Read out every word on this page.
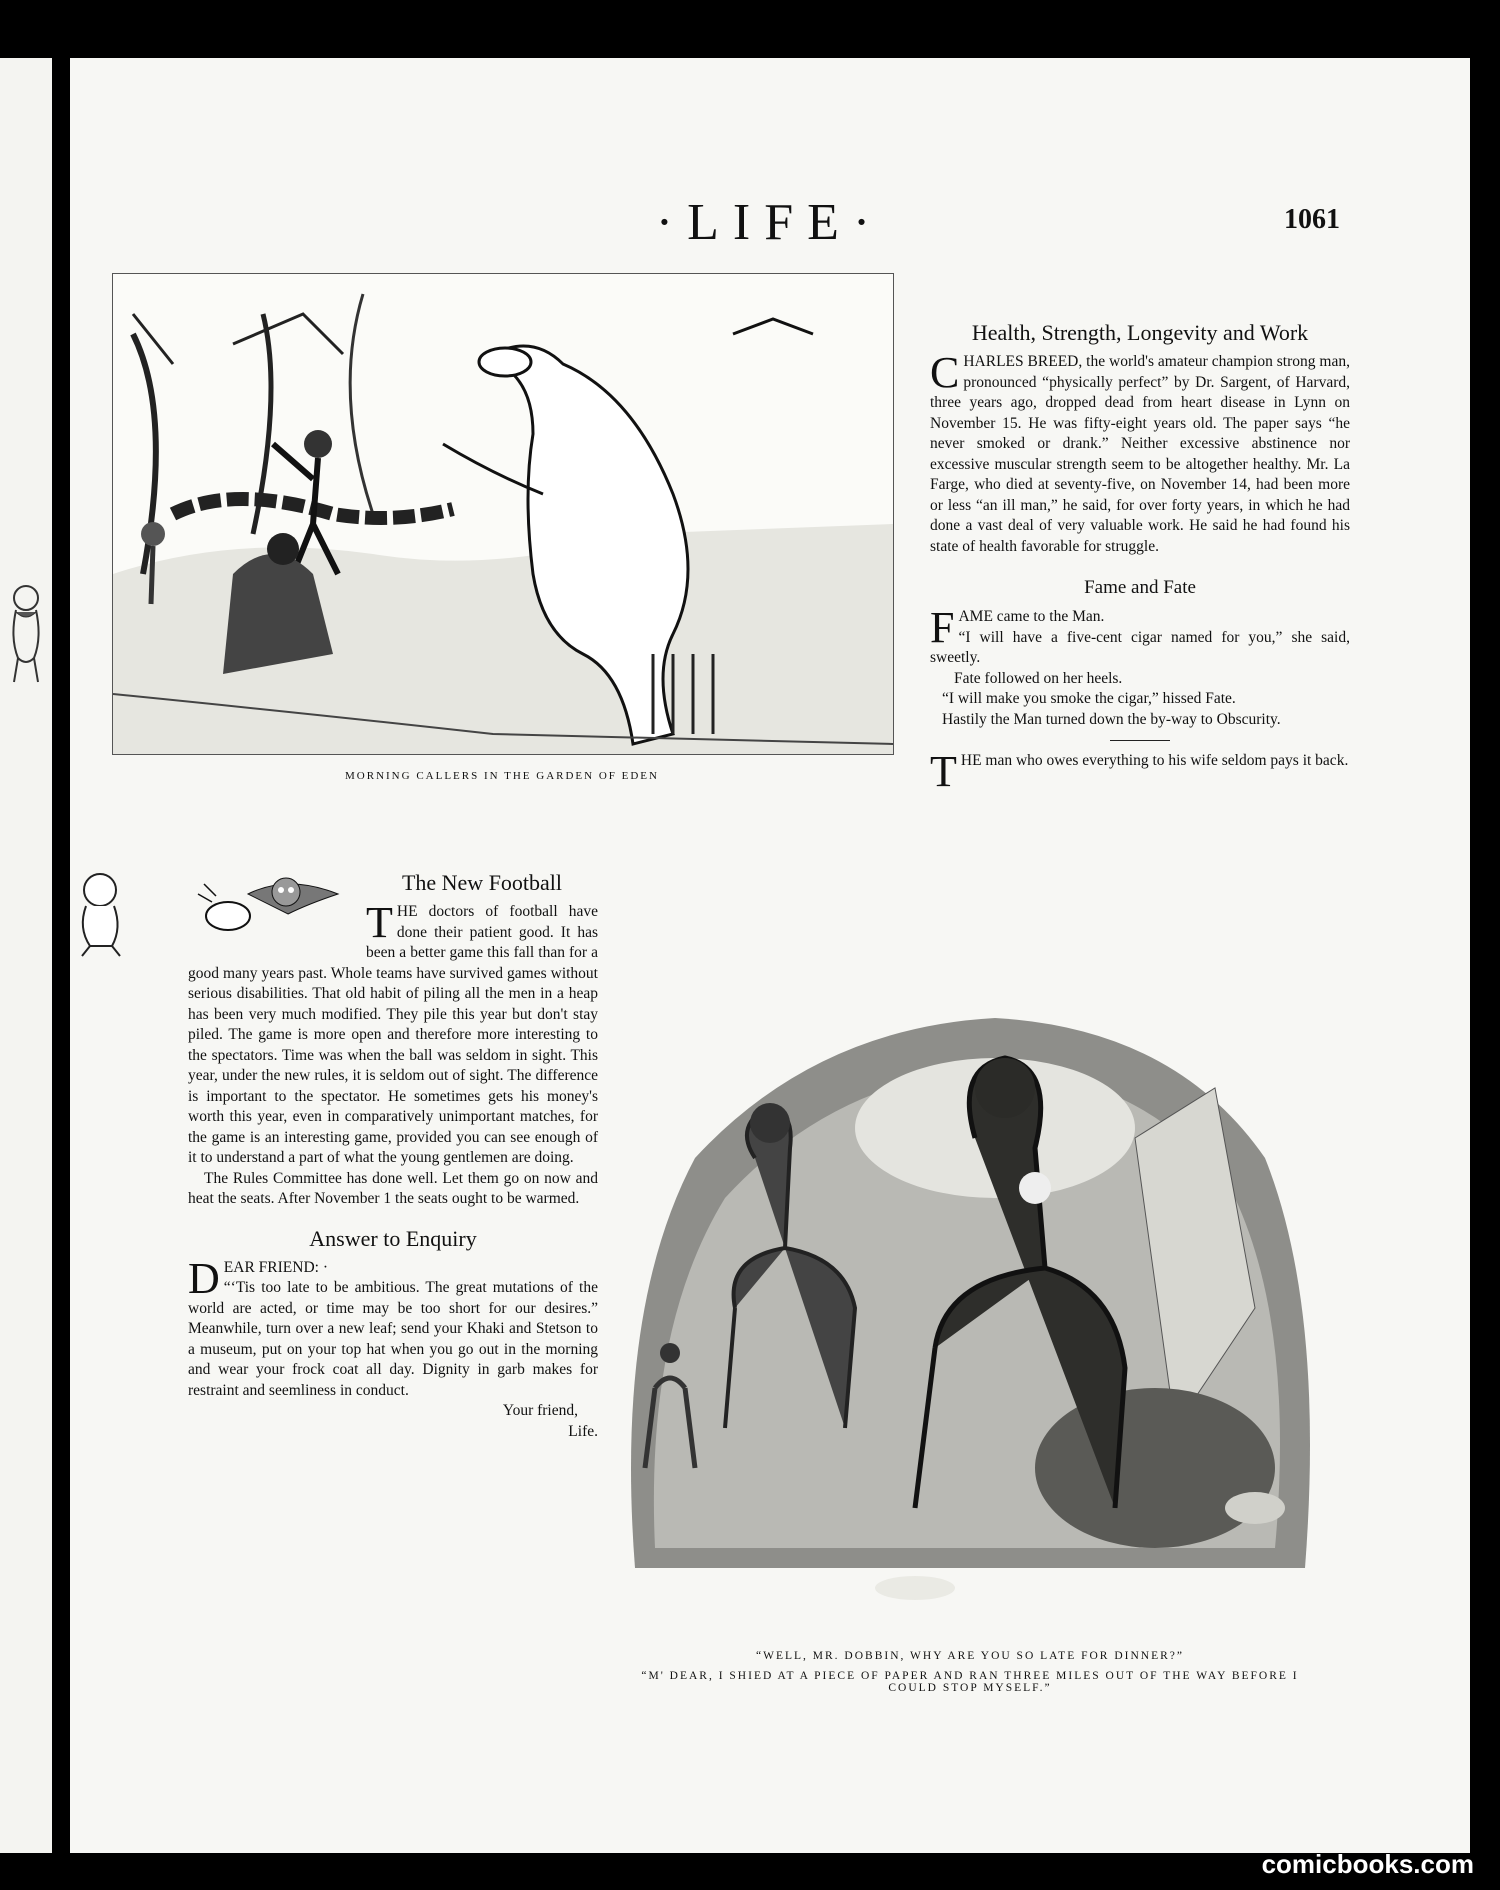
·LIFE·	1061
MORNING CALLERS IN THE GARDEN OF EDEN
Health, Strength, Longevity and Work
C HARLES BREED, the world's amateur champion strong man, pronounced “physically perfect” by Dr. Sargent, of Harvard, three years ago, dropped dead from heart disease in Lynn on November 15. He was fifty-eight years old. The paper says “he never smoked or drank.” Neither excessive abstinence nor excessive muscular strength seem to be altogether healthy. Mr. La Farge, who died at seventy-five, on November 14, had been more or less “an ill man,” he said, for over forty years, in which he had done a vast deal of very valuable work. He said he had found his state of health favorable for struggle.
Fame and Fate
F AME came to the Man.
“I will have a five-cent cigar named for you,” she said, sweetly.
Fate followed on her heels.
“I will make you smoke the cigar,” hissed Fate.
Hastily the Man turned down the by-way to Obscurity.
T HE man who owes everything to his wife seldom pays it back.
The New Football
T HE doctors of football have done their patient good. It has been a better game this fall than for a good many years past. Whole teams have survived games without serious disabilities. That old habit of piling all the men in a heap has been very much modified. They pile this year but don't stay piled. The game is more open and therefore more interesting to the spectators. Time was when the ball was seldom in sight. This year, under the new rules, it is seldom out of sight. The difference is important to the spectator. He sometimes gets his money's worth this year, even in comparatively unimportant matches, for the game is an interesting game, provided you can see enough of it to understand a part of what the young gentlemen are doing.

The Rules Committee has done well. Let them go on now and heat the seats. After November 1 the seats ought to be warmed.

Answer to Enquiry
D EAR FRIEND: ·
“‘Tis too late to be ambitious. The great mutations of the world are acted, or time may be too short for our desires.” Meanwhile, turn over a new leaf; send your Khaki and Stetson to a museum, put on your top hat when you go out in the morning and wear your frock coat all day. Dignity in garb makes for restraint and seemliness in conduct.
Your friend,
Life.
“WELL, MR. DOBBIN, WHY ARE YOU SO LATE FOR DINNER?”
“M' DEAR, I SHIED AT A PIECE OF PAPER AND RAN THREE MILES OUT OF THE WAY BEFORE I COULD STOP MYSELF.”
comicbooks.com
